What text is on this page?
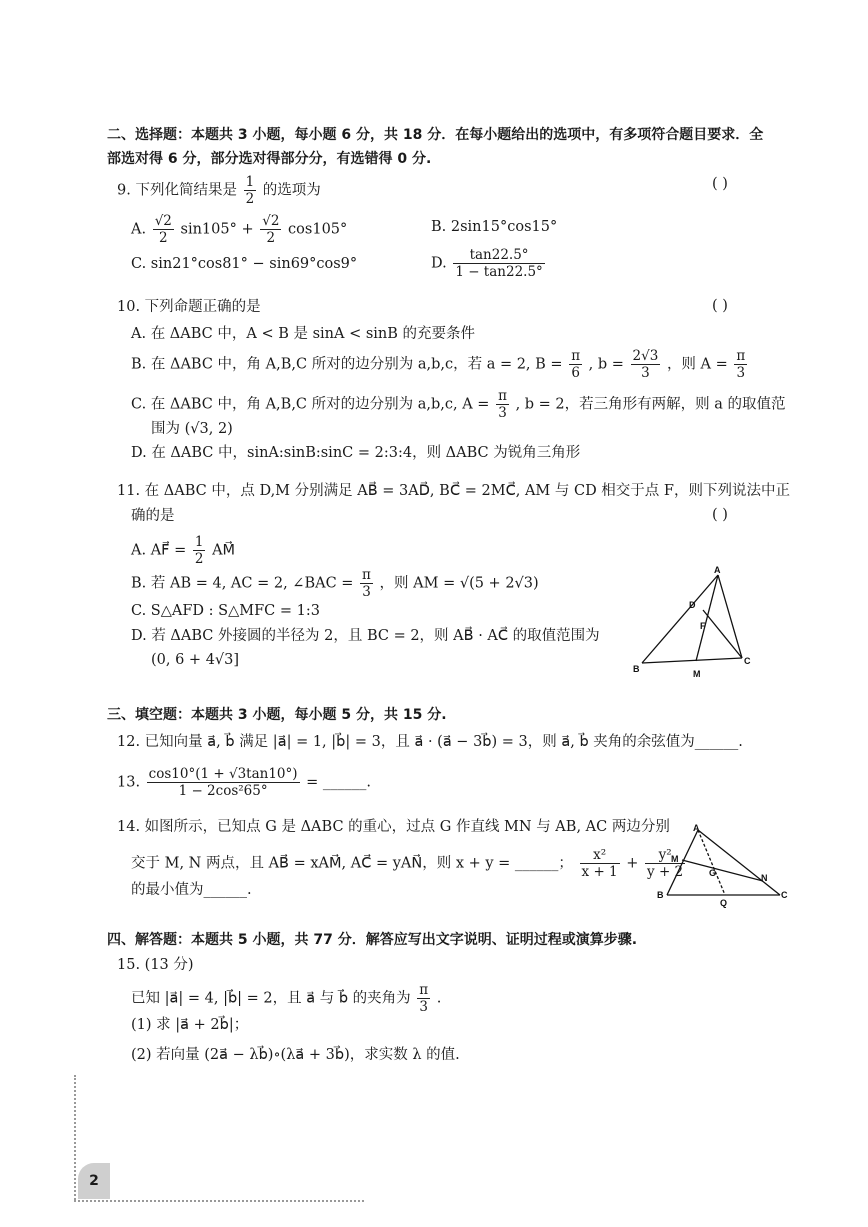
二、选择题：本题共 3 小题，每小题 6 分，共 18 分．在每小题给出的选项中，有多项符合题目要求．全
部选对得 6 分，部分选对得部分分，有选错得 0 分.
9. 下列化简结果是 $\frac{1}{2}$ 的选项为	( )
A. $\frac{√2}{2} \sin 105^\circ + \frac{√2}{2} \cos 105^\circ$	B. 2sin15°cos15°
C. sin21°cos81° − sin69°cos9°	D. $\frac{\tan 22.5^\circ}{1 - \tan 22.5^\circ}$
10. 下列命题正确的是	( )
A. 在 ΔABC 中，A < B 是 sinA < sinB 的充要条件
B. 在 ΔABC 中，角 A,B,C 所对的边分别为 a,b,c，若 a = 2, $B = \frac{\pi}{6}$ , $b = \frac{2√3}{3}$ ，则 $A = \frac{\pi}{3}$
C. 在 ΔABC 中，角 A,B,C 所对的边分别为 a,b,c, $A = \frac{\pi}{3}$ , b = 2，若三角形有两解，则 a 的取值范
围为 (√3, 2)
D. 在 ΔABC 中，sinA:sinB:sinC = 2:3:4，则 ΔABC 为锐角三角形
11. 在 ΔABC 中，点 D,M 分别满足 AB⃗ = 3AD⃗, BC⃗ = 2MC⃗, AM 与 CD 相交于点 F，则下列说法中正
确的是	( )
A. AF⃗ = $\frac{1}{2}$ AM⃗
B. 若 AB = 4, AC = 2, ∠BAC = $\frac{\pi}{3}$ ，则 AM = √(5 + 2√3)
C. S△AFD : S△MFC = 1:3
D. 若 ΔABC 外接圆的半径为 2，且 BC = 2，则 AB⃗ · AC⃗ 的取值范围为
(0, 6 + 4√3]
A
D
F
B
C
M
三、填空题：本题共 3 小题，每小题 5 分，共 15 分.
12. 已知向量 a⃗, b⃗ 满足 |a⃗| = 1, |b⃗| = 3，且 a⃗ · (a⃗ − 3b⃗) = 3，则 a⃗, b⃗ 夹角的余弦值为______.
13. $\frac{\cos 10^\circ(1 + √3\tan 10^\circ)}{\text{1 − 2cos²65°}}$ = ______.
14. 如图所示，已知点 G 是 ΔABC 的重心，过点 G 作直线 MN 与 AB, AC 两边分别
交于 M, N 两点，且 AB⃗ = xAM⃗, AC⃗ = yAN⃗，则 x + y = ______； $\frac{\text{x²}}{x + 1} + \frac{\text{y²}}{y + 2}$
的最小值为______.
A
M
G	N
B	C
Q
四、解答题：本题共 5 小题，共 77 分．解答应写出文字说明、证明过程或演算步骤.
15. (13 分)
已知 |a⃗| = 4, |b⃗| = 2，且 a⃗ 与 b⃗ 的夹角为 $\frac{\pi}{3}$ .
(1) 求 |a⃗ + 2b⃗|；
(2) 若向量 (2a⃗ − λb⃗)∘(λa⃗ + 3b⃗)，求实数 λ 的值.
2
